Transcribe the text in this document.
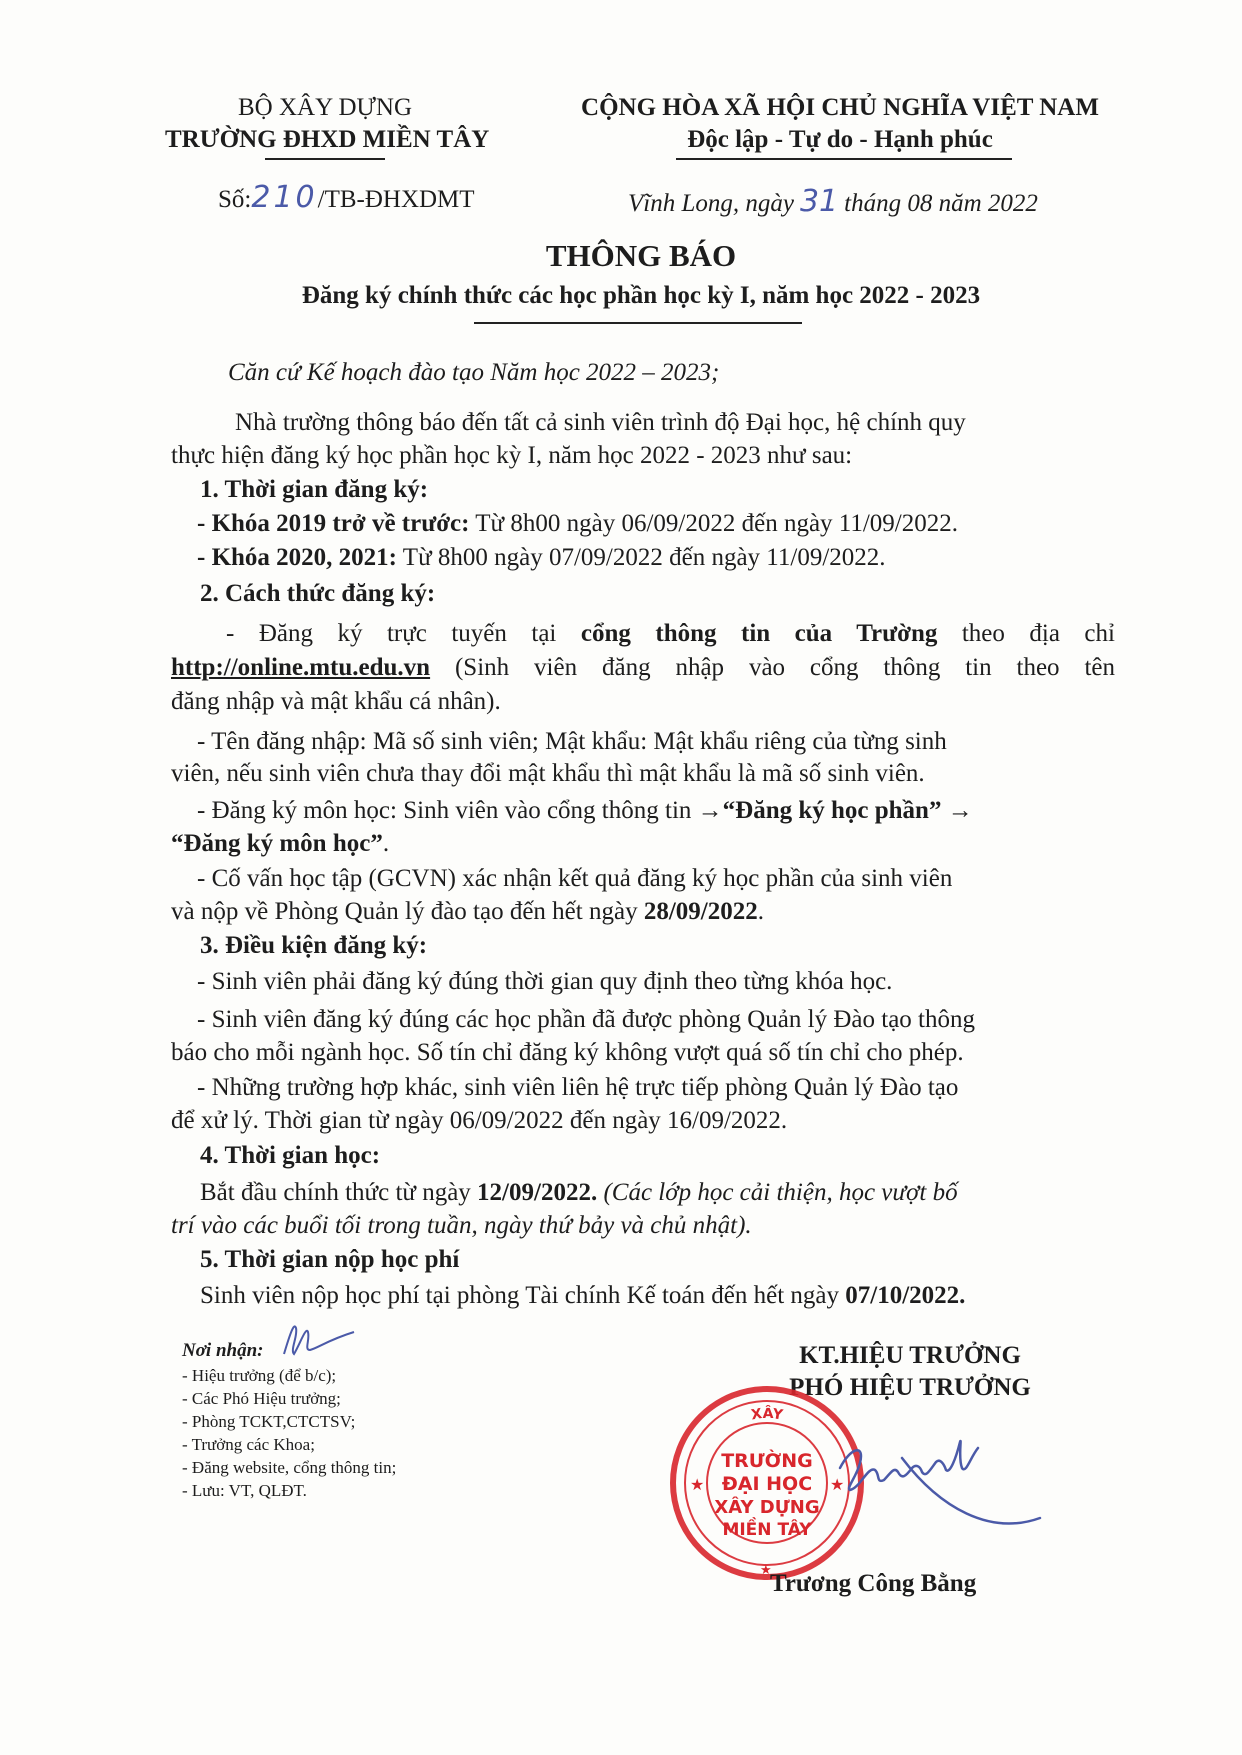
BỘ XÂY DỰNG
TRƯỜNG ĐHXD MIỀN TÂY
Số:210/TB-ĐHXDMT
CỘNG HÒA XÃ HỘI CHỦ NGHĨA VIỆT NAM
Độc lập - Tự do - Hạnh phúc
Vĩnh Long, ngày 31 tháng 08 năm 2022
THÔNG BÁO
Đăng ký chính thức các học phần học kỳ I, năm học 2022 - 2023
Căn cứ Kế hoạch đào tạo Năm học 2022 – 2023;
Nhà trường thông báo đến tất cả sinh viên trình độ Đại học, hệ chính quy
thực hiện đăng ký học phần học kỳ I, năm học 2022 - 2023 như sau:
1. Thời gian đăng ký:
- Khóa 2019 trở về trước: Từ 8h00 ngày 06/09/2022 đến ngày 11/09/2022.
- Khóa 2020, 2021: Từ 8h00 ngày 07/09/2022 đến ngày 11/09/2022.
2. Cách thức đăng ký:
- Đăng ký trực tuyến tại cổng thông tin của Trường theo địa chỉ
http://online.mtu.edu.vn (Sinh viên đăng nhập vào cổng thông tin theo tên
đăng nhập và mật khẩu cá nhân).
- Tên đăng nhập: Mã số sinh viên; Mật khẩu: Mật khẩu riêng của từng sinh
viên, nếu sinh viên chưa thay đổi mật khẩu thì mật khẩu là mã số sinh viên.
- Đăng ký môn học: Sinh viên vào cổng thông tin →“Đăng ký học phần” →
“Đăng ký môn học”.
- Cố vấn học tập (GCVN) xác nhận kết quả đăng ký học phần của sinh viên
và nộp về Phòng Quản lý đào tạo đến hết ngày 28/09/2022.
3. Điều kiện đăng ký:
- Sinh viên phải đăng ký đúng thời gian quy định theo từng khóa học.
- Sinh viên đăng ký đúng các học phần đã được phòng Quản lý Đào tạo thông
báo cho mỗi ngành học. Số tín chỉ đăng ký không vượt quá số tín chỉ cho phép.
- Những trường hợp khác, sinh viên liên hệ trực tiếp phòng Quản lý Đào tạo
để xử lý. Thời gian từ ngày 06/09/2022 đến ngày 16/09/2022.
4. Thời gian học:
Bắt đầu chính thức từ ngày 12/09/2022. (Các lớp học cải thiện, học vượt bố
trí vào các buổi tối trong tuần, ngày thứ bảy và chủ nhật).
5. Thời gian nộp học phí
Sinh viên nộp học phí tại phòng Tài chính Kế toán đến hết ngày 07/10/2022.
Nơi nhận:
- Hiệu trưởng (để b/c);
- Các Phó Hiệu trưởng;
- Phòng TCKT,CTCTSV;
- Trưởng các Khoa;
- Đăng website, cổng thông tin;
- Lưu: VT, QLĐT.
KT.HIỆU TRƯỞNG
PHÓ HIỆU TRƯỞNG
XÂY
TRƯỜNG
ĐẠI HỌC
XÂY DỰNG
MIỀN TÂY
★	★
★
Trương Công Bằng
